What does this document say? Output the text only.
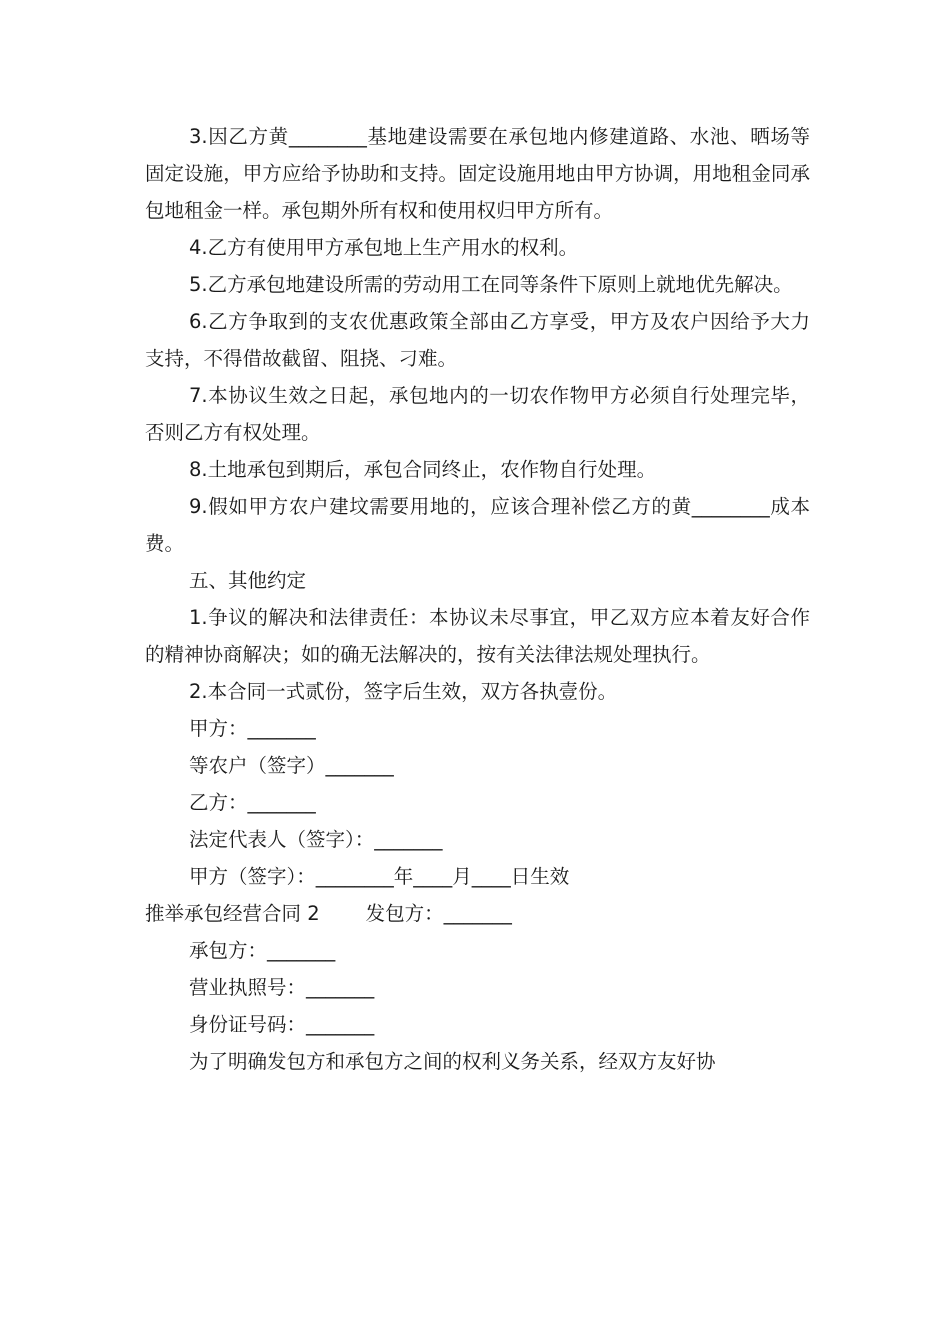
3.因乙方黄________基地建设需要在承包地内修建道路、水池、晒场等固定设施，甲方应给予协助和支持。固定设施用地由甲方协调，用地租金同承包地租金一样。承包期外所有权和使用权归甲方所有。

4.乙方有使用甲方承包地上生产用水的权利。

5.乙方承包地建设所需的劳动用工在同等条件下原则上就地优先解决。

6.乙方争取到的支农优惠政策全部由乙方享受，甲方及农户因给予大力支持，不得借故截留、阻挠、刁难。

7.本协议生效之日起，承包地内的一切农作物甲方必须自行处理完毕，否则乙方有权处理。

8.土地承包到期后，承包合同终止，农作物自行处理。

9.假如甲方农户建坟需要用地的，应该合理补偿乙方的黄________成本费。

五、其他约定

1.争议的解决和法律责任：本协议未尽事宜，甲乙双方应本着友好合作的精神协商解决；如的确无法解决的，按有关法律法规处理执行。

2.本合同一式贰份，签字后生效，双方各执壹份。

甲方：_______

等农户（签字）_______

乙方：_______

法定代表人（签字）：_______

甲方（签字）：________年____月____日生效

推举承包经营合同 2 发包方：_______

承包方：_______

营业执照号：_______

身份证号码：_______

为了明确发包方和承包方之间的权利义务关系，经双方友好协
